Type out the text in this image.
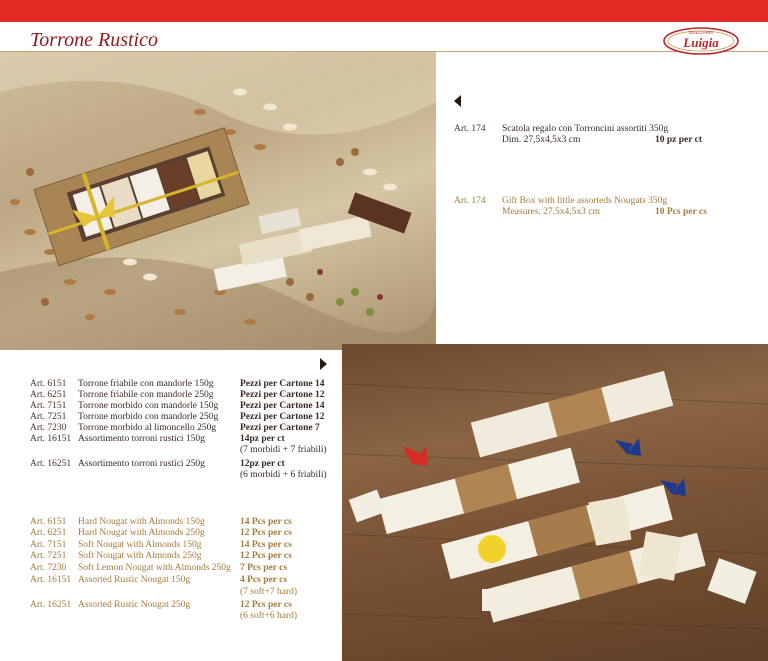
Torrone Rustico	DOLCIARIA
Luigia
Art. 174 Scatola regalo con Torroncini assortiti 350g
Dim. 27,5x4,5x3 cm	10 pz per ct
Art. 174 Gift Box with little assorteds Nougats 350g
Measures. 27,5x4,5x3 cm	10 Pcs per cs
Art. 6151 Torrone friabile con mandorle 150g	Pezzi per Cartone 14
Art. 6251 Torrone friabile con mandorle 250g	Pezzi per Cartone 12
Art. 7151 Torrone morbido con mandorle 150g Pezzi per Cartone 14
Art. 7251 Torrone morbido con mandorle 250g Pezzi per Cartone 12
Art. 7230 Torrone morbido al limoncello 250g	Pezzi per Cartone 7
Art. 16151 Assortimento torroni rustici 150g	14pz per ct
(7 morbidi + 7 friabili)
Art. 16251 Assortimento torroni rustici 250g	12pz per ct
(6 morbidi + 6 friabili)
Art. 6151 Hard Nougat with Almonds 150g	14 Pcs per cs
Art. 6251 Hard Nougat with Almonds 250g	12 Pcs per cs
Art. 7151 Soft Nougat with Almonds 150g	14 Pcs per cs
Art. 7251 Soft Nougat with Almonds 250g	12 Pcs per cs
Art. 7230 Soft Lemon Nougat with Almonds 250g 7 Pcs per cs
Art. 16151 Assorted Rustic Nougat 150g	4 Pcs per cs
(7 soft+7 hard)
Art. 16251 Assorted Rustic Nougat 250g	12 Pcs per cs
(6 soft+6 hard)
